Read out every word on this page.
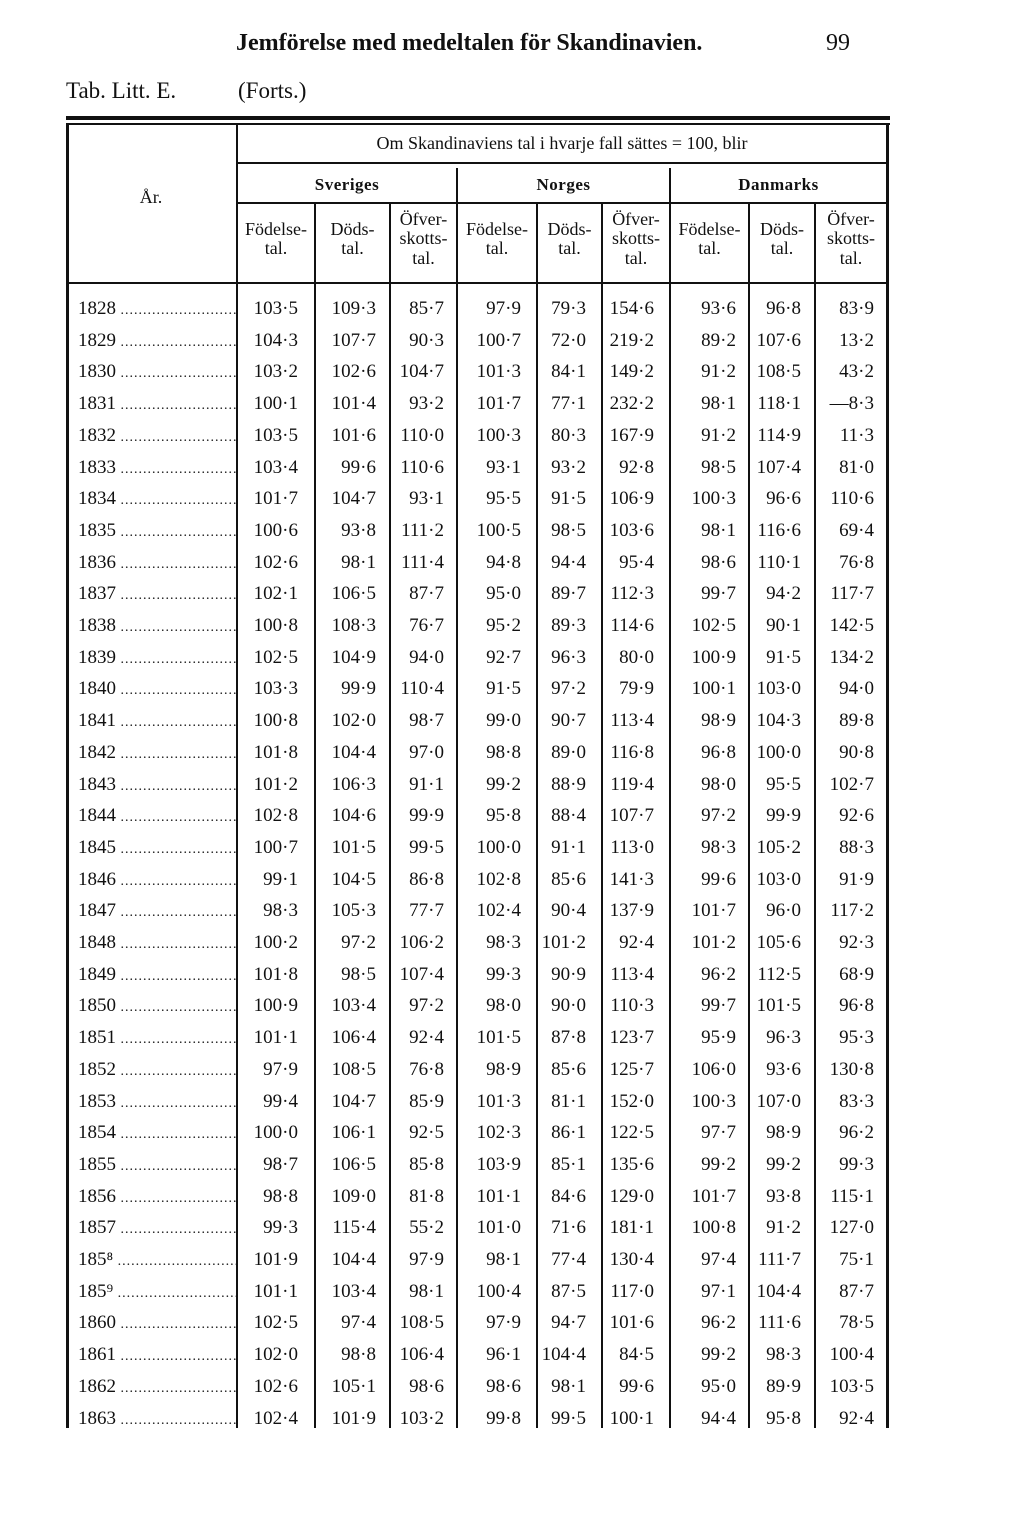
Jemförelse med medeltalen för Skandinavien.	99
Tab. Litt. E.	(Forts.)
Om Skandinaviens tal i hvarje fall sättes = 100, blir
År.
Sveriges	Norges	Danmarks
Födelse-
tal.
Döds-
tal.
Öfver-
skotts-
tal.
Födelse-
tal.
Döds-
tal.
Öfver-
skotts-
tal.
Födelse-
tal.
Döds-
tal.
Öfver-
skotts-
tal.
1828 .....	103·5 109·3 85·7 97·9 79·3 154·6 93·6 96·8 83·9
1829 .....	104·3 107·7 90·3 100·7 72·0 219·2 89·2 107·6 13·2
1830 .....	103·2 102·6 104·7 101·3 84·1 149·2 91·2 108·5 43·2
1831 .....	100·1 101·4 93·2 101·7 77·1 232·2 98·1 118·1 —8·3
1832 .....	103·5 101·6 110·0 100·3 80·3 167·9 91·2 114·9 11·3
1833 .....	103·4 99·6 110·6 93·1 93·2 92·8 98·5 107·4 81·0
1834 .....	101·7 104·7 93·1 95·5 91·5 106·9 100·3 96·6 110·6
1835 .....	100·6 93·8 111·2 100·5 98·5 103·6 98·1 116·6 69·4
1836 .....	102·6 98·1 111·4 94·8 94·4 95·4 98·6 110·1 76·8
1837 .....	102·1 106·5 87·7 95·0 89·7 112·3 99·7 94·2 117·7
1838 .....	100·8 108·3 76·7 95·2 89·3 114·6 102·5 90·1 142·5
1839 .....	102·5 104·9 94·0 92·7 96·3 80·0 100·9 91·5 134·2
1840 .....	103·3 99·9 110·4 91·5 97·2 79·9 100·1 103·0 94·0
1841 .....	100·8 102·0 98·7 99·0 90·7 113·4 98·9 104·3 89·8
1842 .....	101·8 104·4 97·0 98·8 89·0 116·8 96·8 100·0 90·8
1843 .....	101·2 106·3 91·1 99·2 88·9 119·4 98·0 95·5 102·7
1844 .....	102·8 104·6 99·9 95·8 88·4 107·7 97·2 99·9 92·6
1845 .....	100·7 101·5 99·5 100·0 91·1 113·0 98·3 105·2 88·3
1846 .....	99·1 104·5 86·8 102·8 85·6 141·3 99·6 103·0 91·9
1847 .....	98·3 105·3 77·7 102·4 90·4 137·9 101·7 96·0 117·2
1848 .....	100·2 97·2 106·2 98·3 101·2 92·4 101·2 105·6 92·3
1849 .....	101·8 98·5 107·4 99·3 90·9 113·4 96·2 112·5 68·9
1850 .....	100·9 103·4 97·2 98·0 90·0 110·3 99·7 101·5 96·8
1851 .....	101·1 106·4 92·4 101·5 87·8 123·7 95·9 96·3 95·3
1852 .....	97·9 108·5 76·8 98·9 85·6 125·7 106·0 93·6 130·8
1853 .....	99·4 104·7 85·9 101·3 81·1 152·0 100·3 107·0 83·3
1854 .....	100·0 106·1 92·5 102·3 86·1 122·5 97·7 98·9 96·2
1855 .....	98·7 106·5 85·8 103·9 85·1 135·6 99·2 99·2 99·3
1856 .....	98·8 109·0 81·8 101·1 84·6 129·0 101·7 93·8 115·1
1857 .....	99·3 115·4 55·2 101·0 71·6 181·1 100·8 91·2 127·0
185⁸ .....	101·9 104·4 97·9 98·1 77·4 130·4 97·4 111·7 75·1
185⁹ .....	101·1 103·4 98·1 100·4 87·5 117·0 97·1 104·4 87·7
1860 .....	102·5 97·4 108·5 97·9 94·7 101·6 96·2 111·6 78·5
1861 .....	102·0 98·8 106·4 96·1 104·4 84·5 99·2 98·3 100·4
1862 .....	102·6 105·1 98·6 98·6 98·1 99·6 95·0 89·9 103·5
1863 .....	102·4 101·9 103·2 99·8 99·5 100·1 94·4 95·8 92·4
